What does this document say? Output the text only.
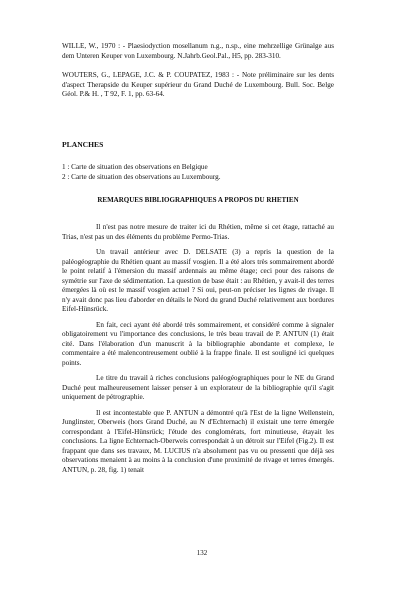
WILLE, W., 1970 : - Plaesiodyction mosellanum n.g., n.sp., eine mehrzellige Grünalge aus dem Unteren Keuper von Luxembourg. N.Jahrb.Geol.Pal., H5, pp. 283-310.

WOUTERS, G., LEPAGE, J.C. & P. COUPATEZ, 1983 : - Note préliminaire sur les dents d'aspect Therapside du Keuper supérieur du Grand Duché de Luxembourg. Bull. Soc. Belge Géol. P.& H. , T 92, F. 1, pp. 63-64.

PLANCHES
1 : Carte de situation des observations en Belgique
2 : Carte de situation des observations au Luxembourg.
REMARQUES BIBLIOGRAPHIQUES A PROPOS DU RHETIEN

Il n'est pas notre mesure de traiter ici du Rhétien, même si cet étage, rattaché au Trias, n'est pas un des éléments du problème Permo-Trias.

Un travail antérieur avec D. DELSATE (3) a repris la question de la paléogéographie du Rhétien quant au massif vosgien. Il a été alors très sommairement abordé le point relatif à l'émersion du massif ardennais au même étage; ceci pour des raisons de symétrie sur l'axe de sédimentation. La question de base était : au Rhétien, y avait-il des terres émergées là où est le massif vosgien actuel ? Si oui, peut-on préciser les lignes de rivage. Il n'y avait donc pas lieu d'aborder en détails le Nord du grand Duché relativement aux bordures Eifel-Hünsrück.

En fait, ceci ayant été abordé très sommairement, et considéré comme à signaler obligatoirement vu l'importance des conclusions, le très beau travail de P. ANTUN (1) était cité. Dans l'élaboration d'un manuscrit à la bibliographie abondante et complexe, le commentaire a été malencontreusement oublié à la frappe finale. Il est souligné ici quelques points.

Le titre du travail à riches conclusions paléogéographiques pour le NE du Grand Duché peut malheureusement laisser penser à un explorateur de la bibliographie qu'il s'agit uniquement de pétrographie.

Il est incontestable que P. ANTUN a démontré qu'à l'Est de la ligne Wellenstein, Junglinster, Oberweis (hors Grand Duché, au N d'Echternach) il existait une terre émergée correspondant à l'Eifel-Hünsrück; l'étude des conglomérats, fort minutieuse, étayait les conclusions. La ligne Echternach-Oberweis correspondait à un détroit sur l'Eifel (Fig.2). Il est frappant que dans ses travaux, M. LUCIUS n'a absolument pas vu ou pressenti que déjà ses observations menaient à au moins à la conclusion d'une proximité de rivage et terres émergés. ANTUN, p. 28, fig. 1) tenait

132
